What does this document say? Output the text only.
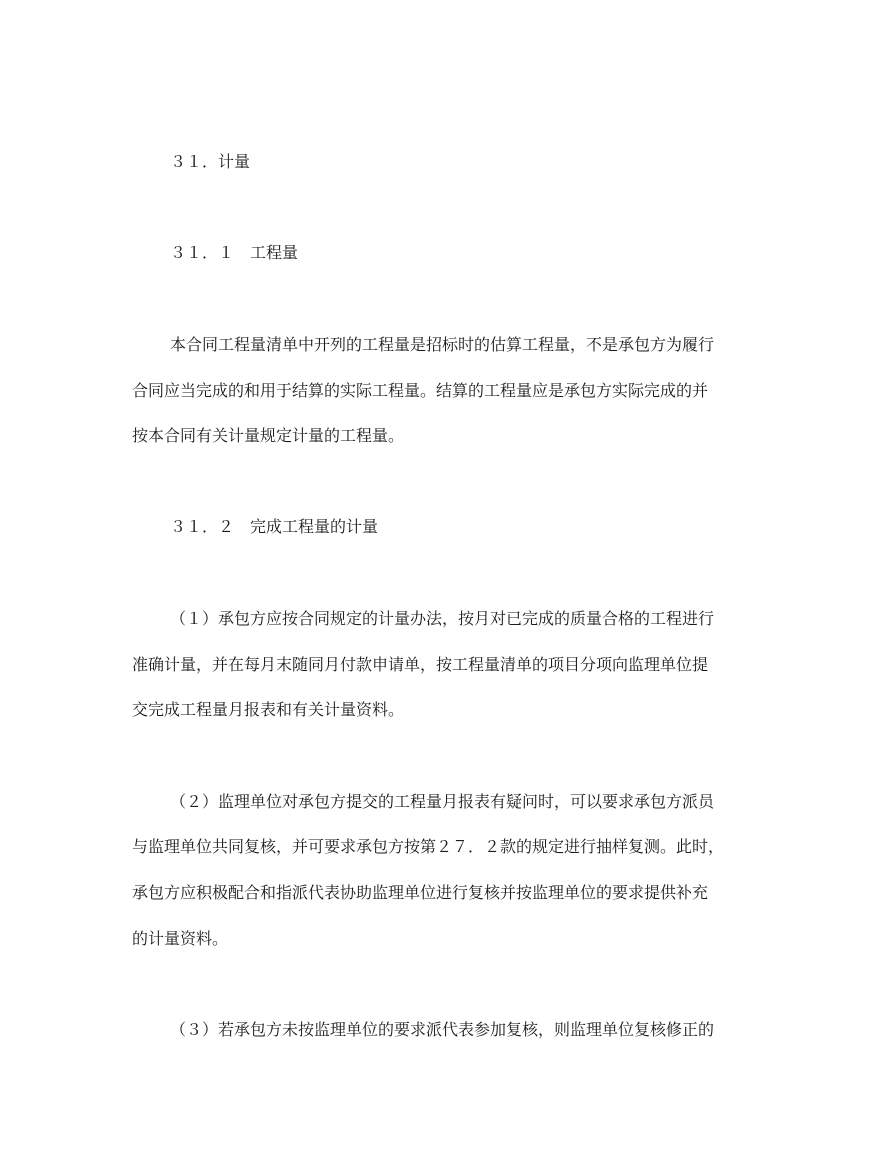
３１．计量
３１．１　工程量
本合同工程量清单中开列的工程量是招标时的估算工程量，不是承包方为履行
合同应当完成的和用于结算的实际工程量。结算的工程量应是承包方实际完成的并
按本合同有关计量规定计量的工程量。
３１．２　完成工程量的计量
（１）承包方应按合同规定的计量办法，按月对已完成的质量合格的工程进行
准确计量，并在每月末随同月付款申请单，按工程量清单的项目分项向监理单位提
交完成工程量月报表和有关计量资料。
（２）监理单位对承包方提交的工程量月报表有疑问时，可以要求承包方派员
与监理单位共同复核，并可要求承包方按第２７．２款的规定进行抽样复测。此时，
承包方应积极配合和指派代表协助监理单位进行复核并按监理单位的要求提供补充
的计量资料。
（３）若承包方未按监理单位的要求派代表参加复核，则监理单位复核修正的
